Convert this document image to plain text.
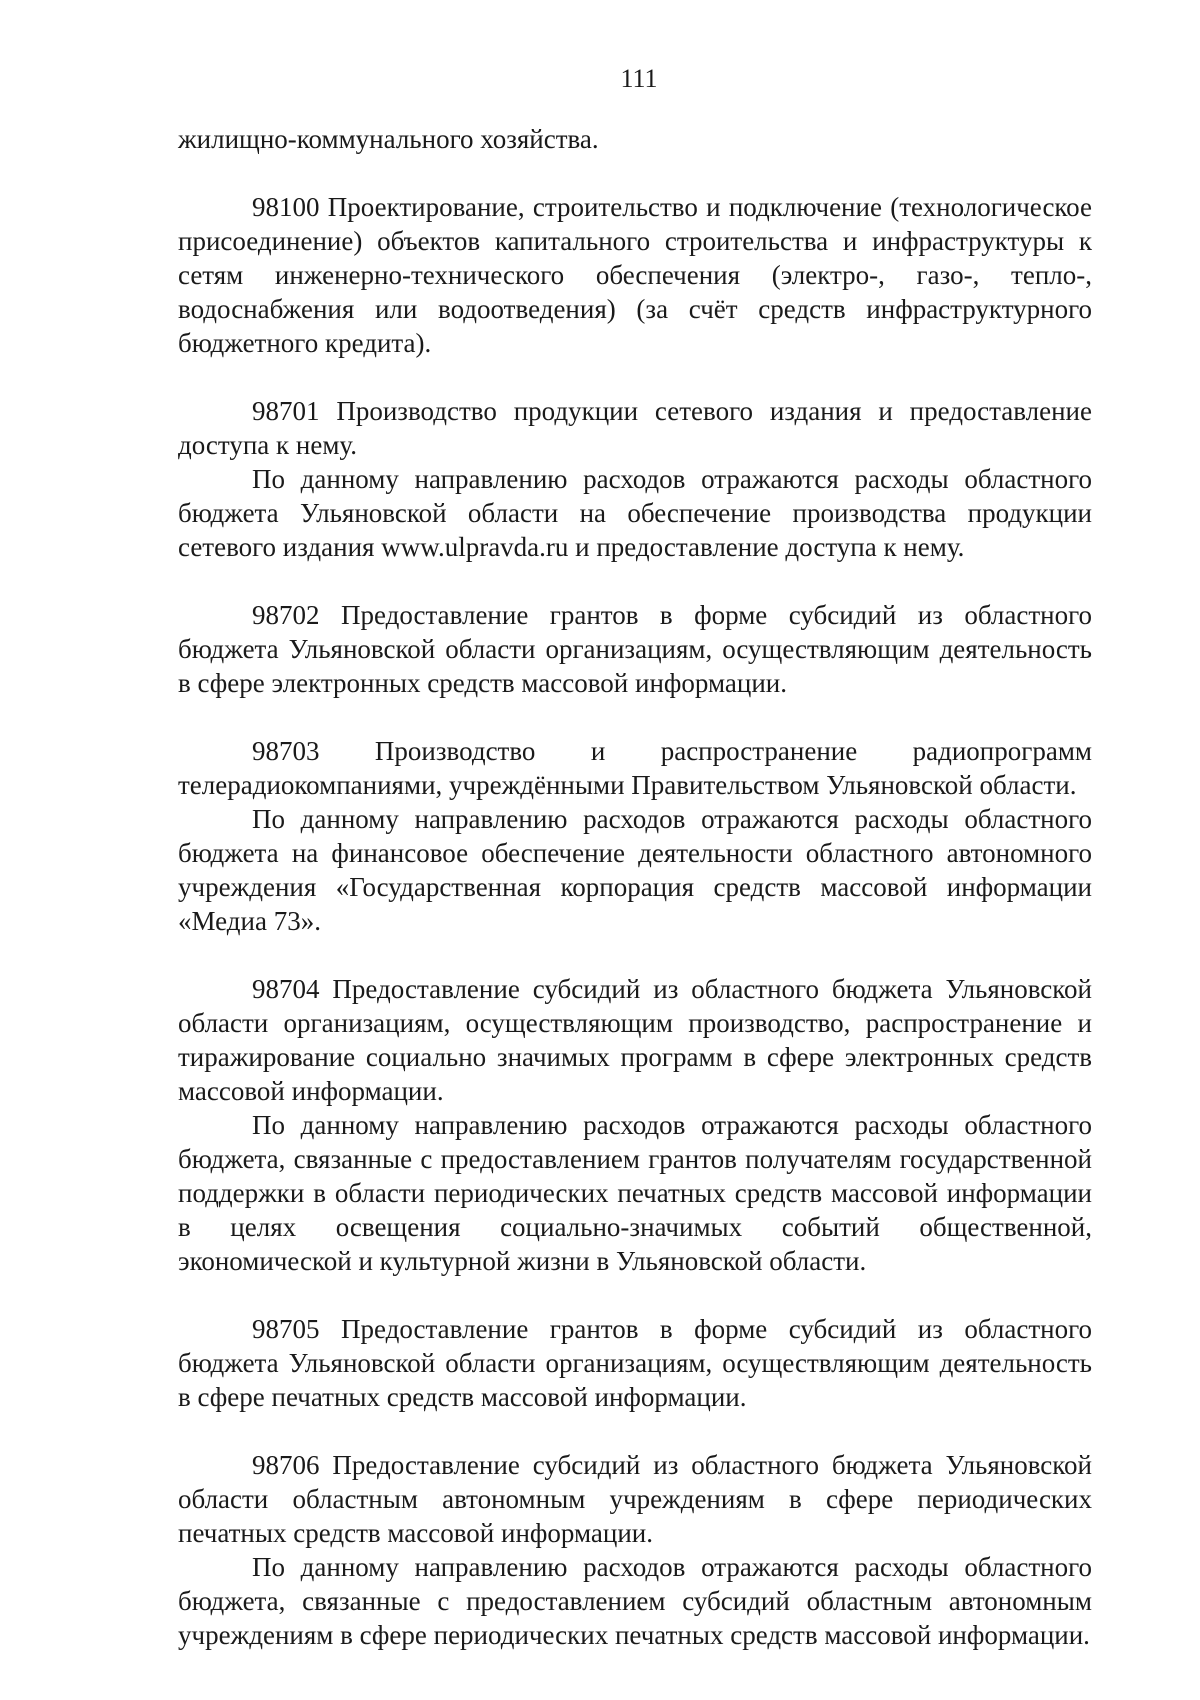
111

жилищно-коммунального хозяйства.

98100 Проектирование, строительство и подключение (технологическое присоединение) объектов капитального строительства и инфраструктуры к сетям инженерно-технического обеспечения (электро-, газо-, тепло-, водоснабжения или водоотведения) (за счёт средств инфраструктурного бюджетного кредита).

98701 Производство продукции сетевого издания и предоставление доступа к нему.

По данному направлению расходов отражаются расходы областного бюджета Ульяновской области на обеспечение производства продукции сетевого издания www.ulpravda.ru и предоставление доступа к нему.

98702 Предоставление грантов в форме субсидий из областного бюджета Ульяновской области организациям, осуществляющим деятельность в сфере электронных средств массовой информации.

98703 Производство и распространение радиопрограмм телерадиокомпаниями, учреждёнными Правительством Ульяновской области.

По данному направлению расходов отражаются расходы областного бюджета на финансовое обеспечение деятельности областного автономного учреждения «Государственная корпорация средств массовой информации «Медиа 73».

98704 Предоставление субсидий из областного бюджета Ульяновской области организациям, осуществляющим производство, распространение и тиражирование социально значимых программ в сфере электронных средств массовой информации.

По данному направлению расходов отражаются расходы областного бюджета, связанные с предоставлением грантов получателям государственной поддержки в области периодических печатных средств массовой информации в целях освещения социально-значимых событий общественной, экономической и культурной жизни в Ульяновской области.

98705 Предоставление грантов в форме субсидий из областного бюджета Ульяновской области организациям, осуществляющим деятельность в сфере печатных средств массовой информации.

98706 Предоставление субсидий из областного бюджета Ульяновской области областным автономным учреждениям в сфере периодических печатных средств массовой информации.

По данному направлению расходов отражаются расходы областного бюджета, связанные с предоставлением субсидий областным автономным учреждениям в сфере периодических печатных средств массовой информации.
